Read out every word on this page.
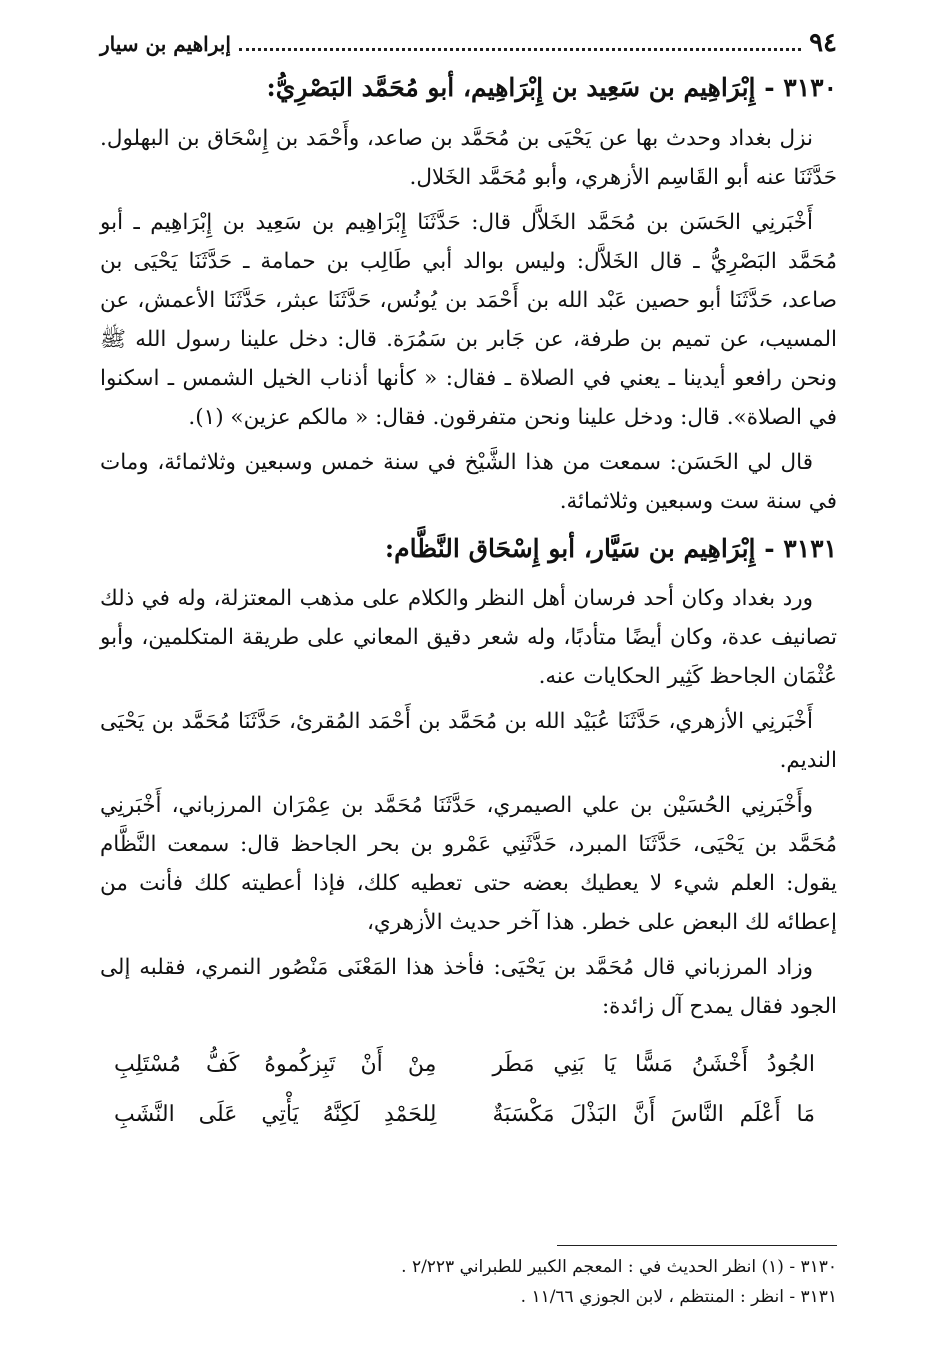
٩٤
إبراهيم بن سيار
٣١٣٠ - إِبْرَاهِيم بن سَعِيد بن إِبْرَاهِيم، أبو مُحَمَّد البَصْرِيُّ:

نزل بغداد وحدث بها عن يَحْيَى بن مُحَمَّد بن صاعد، وأَحْمَد بن إِسْحَاق بن البهلول. حَدَّثَنَا عنه أبو القَاسِم الأزهري، وأبو مُحَمَّد الخَلال.

أَخْبَرنِي الحَسَن بن مُحَمَّد الخَلاَّل قال: حَدَّثَنَا إِبْرَاهِيم بن سَعِيد بن إِبْرَاهِيم ـ أبو مُحَمَّد البَصْرِيُّ ـ قال الخَلاَّل: وليس بوالد أبي طَالِب بن حمامة ـ حَدَّثَنَا يَحْيَى بن صاعد، حَدَّثَنَا أبو حصين عَبْد الله بن أَحْمَد بن يُونُس، حَدَّثَنَا عبثر، حَدَّثَنَا الأعمش، عن المسيب، عن تميم بن طرفة، عن جَابر بن سَمُرَة. قال: دخل علينا رسول الله ﷺ ونحن رافعو أيدينا ـ يعني في الصلاة ـ فقال: « كأنها أذناب الخيل الشمس ـ اسكنوا في الصلاة». قال: ودخل علينا ونحن متفرقون. فقال: « مالكم عزين» (١).

قال لي الحَسَن: سمعت من هذا الشَّيْخ في سنة خمس وسبعين وثلاثمائة، ومات في سنة ست وسبعين وثلاثمائة.

٣١٣١ - إِبْرَاهِيم بن سَيَّار، أبو إِسْحَاق النَّظَّام:

ورد بغداد وكان أحد فرسان أهل النظر والكلام على مذهب المعتزلة، وله في ذلك تصانيف عدة، وكان أيضًا متأدبًا، وله شعر دقيق المعاني على طريقة المتكلمين، وأبو عُثْمَان الجاحظ كَثِير الحكايات عنه.

أَخْبَرنِي الأزهري، حَدَّثَنَا عُبَيْد الله بن مُحَمَّد بن أَحْمَد المُقرئ، حَدَّثَنَا مُحَمَّد بن يَحْيَى النديم.

وأَخْبَرنِي الحُسَيْن بن علي الصيمري، حَدَّثَنَا مُحَمَّد بن عِمْرَان المرزباني، أَخْبَرنِي مُحَمَّد بن يَحْيَى، حَدَّثَنَا المبرد، حَدَّثَنِي عَمْرو بن بحر الجاحظ قال: سمعت النَّظَّام يقول: العلم شيء لا يعطيك بعضه حتى تعطيه كلك، فإذا أعطيته كلك فأنت من إعطائه لك البعض على خطر. هذا آخر حديث الأزهري،

وزاد المرزباني قال مُحَمَّد بن يَحْيَى: فأخذ هذا المَعْنَى مَنْصُور النمري، فقلبه إلى الجود فقال يمدح آل زائدة:

الجُودُ أَخْشَنُ مَسًّا يَا بَنِي مَطَر
مِنْ أَنْ تَبِزكُموهُ كَفُّ مُسْتَلِبِ
مَا أَعْلَم النَّاسَ أَنَّ البَذْلَ مَكْسَبَةٌ
لِلحَمْدِ لَكِنَّهُ يَأْتِي عَلَى النَّشَبِ
٣١٣٠ - (١) انظر الحديث في : المعجم الكبير للطبراني ٢/٢٢٣ .
٣١٣١ - انظر : المنتظم ، لابن الجوزي ١١/٦٦ .
